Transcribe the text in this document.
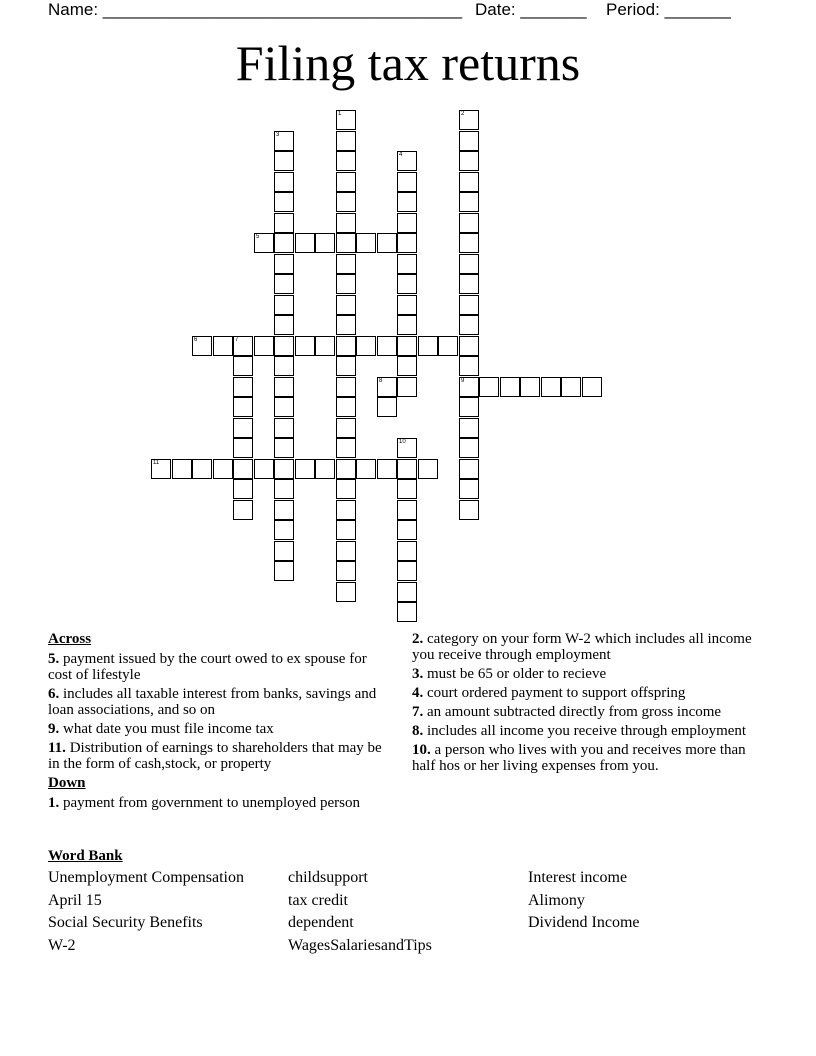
Name: ______________________________________

Date: _______

Period: _______

Filing tax returns
1	2
9
3
4
5
6	7
8
10
11
Across
5. payment issued by the court owed to ex spouse for cost of lifestyle
6. includes all taxable interest from banks, savings and loan associations, and so on
9. what date you must file income tax
11. Distribution of earnings to shareholders that may be in the form of cash,stock, or property
Down
1. payment from government to unemployed person
2. category on your form W-2 which includes all income you receive through employment
3. must be 65 or older to recieve
4. court ordered payment to support offspring
7. an amount subtracted directly from gross income
8. includes all income you receive through employment
10. a person who lives with you and receives more than half hos or her living expenses from you.
Word Bank
Unemployment Compensation
April 15
Social Security Benefits
W-2
childsupport
tax credit
dependent
WagesSalariesandTips
Interest income
Alimony
Dividend Income
